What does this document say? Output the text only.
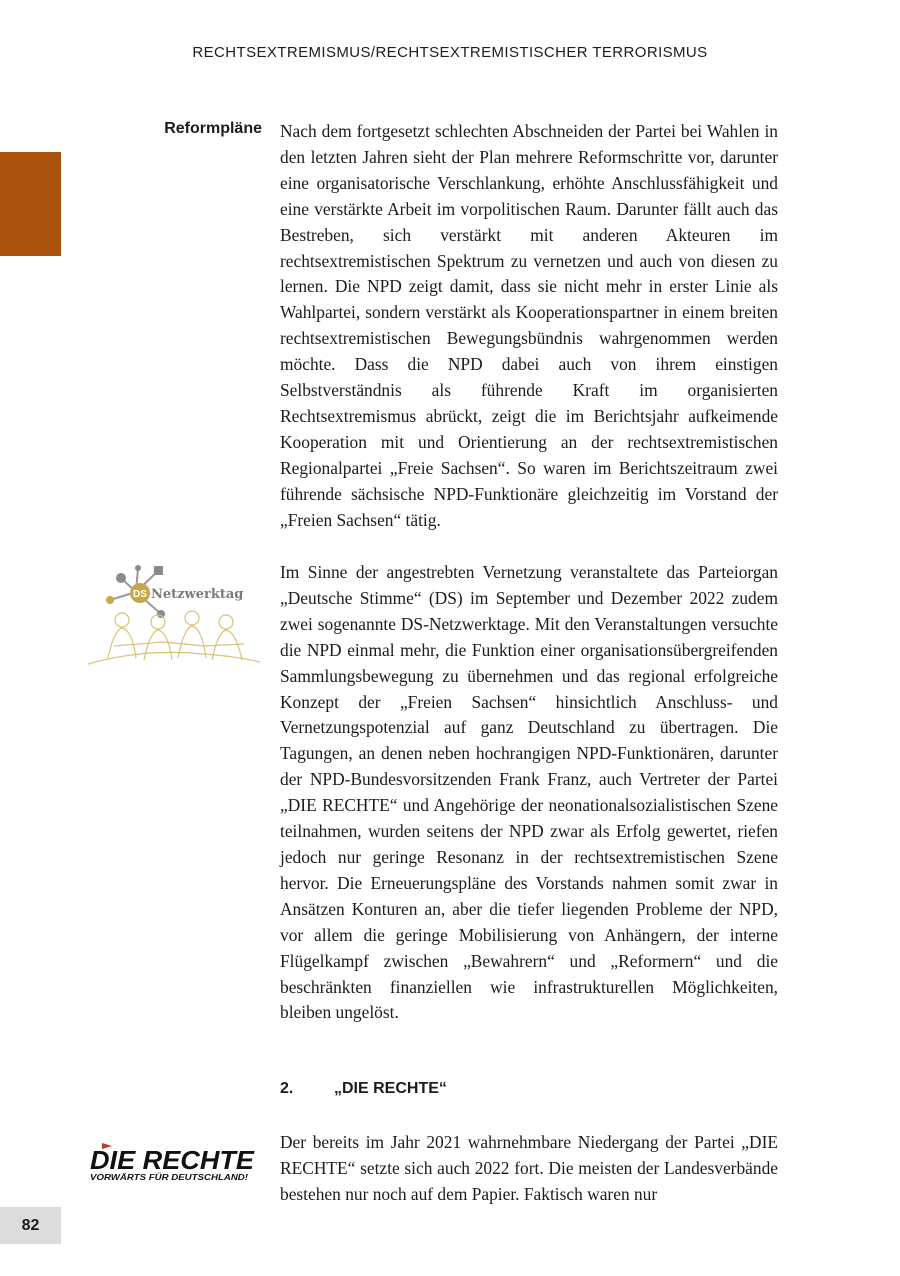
RECHTSEXTREMISMUS/RECHTSEXTREMISTISCHER TERRORISMUS
Reformpläne Nach dem fortgesetzt schlechten Abschneiden der Partei bei Wahlen in den letzten Jahren sieht der Plan mehrere Reformschritte vor, darunter eine organisatorische Verschlankung, erhöhte Anschlussfähigkeit und eine verstärkte Arbeit im vorpolitischen Raum. Darunter fällt auch das Bestreben, sich verstärkt mit anderen Akteuren im rechtsextremistischen Spektrum zu vernetzen und auch von diesen zu lernen. Die NPD zeigt damit, dass sie nicht mehr in erster Linie als Wahlpartei, sondern verstärkt als Kooperationspartner in einem breiten rechtsextremistischen Bewegungsbündnis wahrgenommen werden möchte. Dass die NPD dabei auch von ihrem einstigen Selbstverständnis als führende Kraft im organisierten Rechtsextremismus abrückt, zeigt die im Berichtsjahr aufkeimende Kooperation mit und Orientierung an der rechtsextremistischen Regionalpartei „Freie Sachsen“. So waren im Berichtszeitraum zwei führende sächsische NPD-Funktionäre gleichzeitig im Vorstand der „Freien Sachsen“ tätig.

DS Netzwerktag

Im Sinne der angestrebten Vernetzung veranstaltete das Parteiorgan „Deutsche Stimme“ (DS) im September und Dezember 2022 zudem zwei sogenannte DS-Netzwerktage. Mit den Veranstaltungen versuchte die NPD einmal mehr, die Funktion einer organisationsübergreifenden Sammlungsbewegung zu übernehmen und das regional erfolgreiche Konzept der „Freien Sachsen“ hinsichtlich Anschluss- und Vernetzungspotenzial auf ganz Deutschland zu übertragen. Die Tagungen, an denen neben hochrangigen NPD-Funktionären, darunter der NPD-Bundesvorsitzenden Frank Franz, auch Vertreter der Partei „DIE RECHTE“ und Angehörige der neonationalsozialistischen Szene teilnahmen, wurden seitens der NPD zwar als Erfolg gewertet, riefen jedoch nur geringe Resonanz in der rechtsextremistischen Szene hervor. Die Erneuerungspläne des Vorstands nahmen somit zwar in Ansätzen Konturen an, aber die tiefer liegenden Probleme der NPD, vor allem die geringe Mobilisierung von Anhängern, der interne Flügelkampf zwischen „Bewahrern“ und „Reformern“ und die beschränkten finanziellen wie infrastrukturellen Möglichkeiten, bleiben ungelöst.

2.	„DIE RECHTE“
DIE RECHTE
VORWÄRTS FÜR DEUTSCHLAND!

Der bereits im Jahr 2021 wahrnehmbare Niedergang der Partei „DIE RECHTE“ setzte sich auch 2022 fort. Die meisten der Landesverbände bestehen nur noch auf dem Papier. Faktisch waren nur

82
